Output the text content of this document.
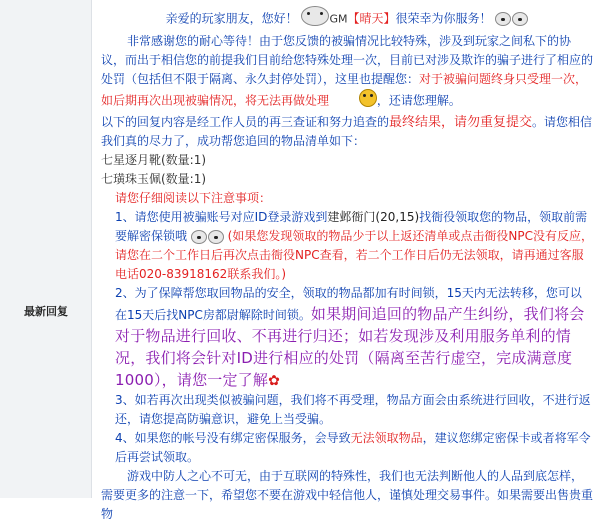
最新回复

亲爱的玩家朋友，您好！	GM【晴天】很荣幸为你服务！

非常感谢您的耐心等待！由于您反馈的被骗情况比较特殊，涉及到玩家之间私下的协议，而出于相信您的前提我们目前给您特殊处理一次，目前已对涉及欺诈的骗子进行了相应的处罚（包括但不限于隔离、永久封停处罚），这里也提醒您：对于被骗问题终身只受理一次，如后期再次出现被骗情况，将无法再做处理	，还请您理解。

以下的回复内容是经工作人员的再三查证和努力追查的最终结果，请勿重复提交。请您相信我们真的尽力了，成功帮您追回的物品清单如下：

七星逐月靴(数量:1)

七璜珠玉佩(数量:1)

请您仔细阅读以下注意事项：

1、请您使用被骗账号对应ID登录游戏到建邺衙门(20,15)找衙役领取您的物品，领取前需要解密保锁哦	(如果您发现领取的物品少于以上返还清单或点击衙役NPC没有反应，请您在二个工作日后再次点击衙役NPC查看，若二个工作日后仍无法领取，请再通过客服电话020-83918162联系我们。)

2、为了保障帮您取回物品的安全，领取的物品都加有时间锁，15天内无法转移，您可以在15天后找NPC房都尉解除时间锁。如果期间追回的物品产生纠纷，我们将会对于物品进行回收、不再进行归还；如若发现涉及利用服务单利的情况，我们将会针对ID进行相应的处罚（隔离至苦行虚空，完成满意度1000），请您一定了解✿

3、如若再次出现类似被骗问题，我们将不再受理，物品方面会由系统进行回收，不进行返还，请您提高防骗意识，避免上当受骗。

4、如果您的帐号没有绑定密保服务，会导致无法领取物品，建议您绑定密保卡或者将军令后再尝试领取。

游戏中防人之心不可无，由于互联网的特殊性，我们也无法判断他人的人品到底怎样，需要更多的注意一下，希望您不要在游戏中轻信他人，谨慎处理交易事件。如果需要出售贵重物
